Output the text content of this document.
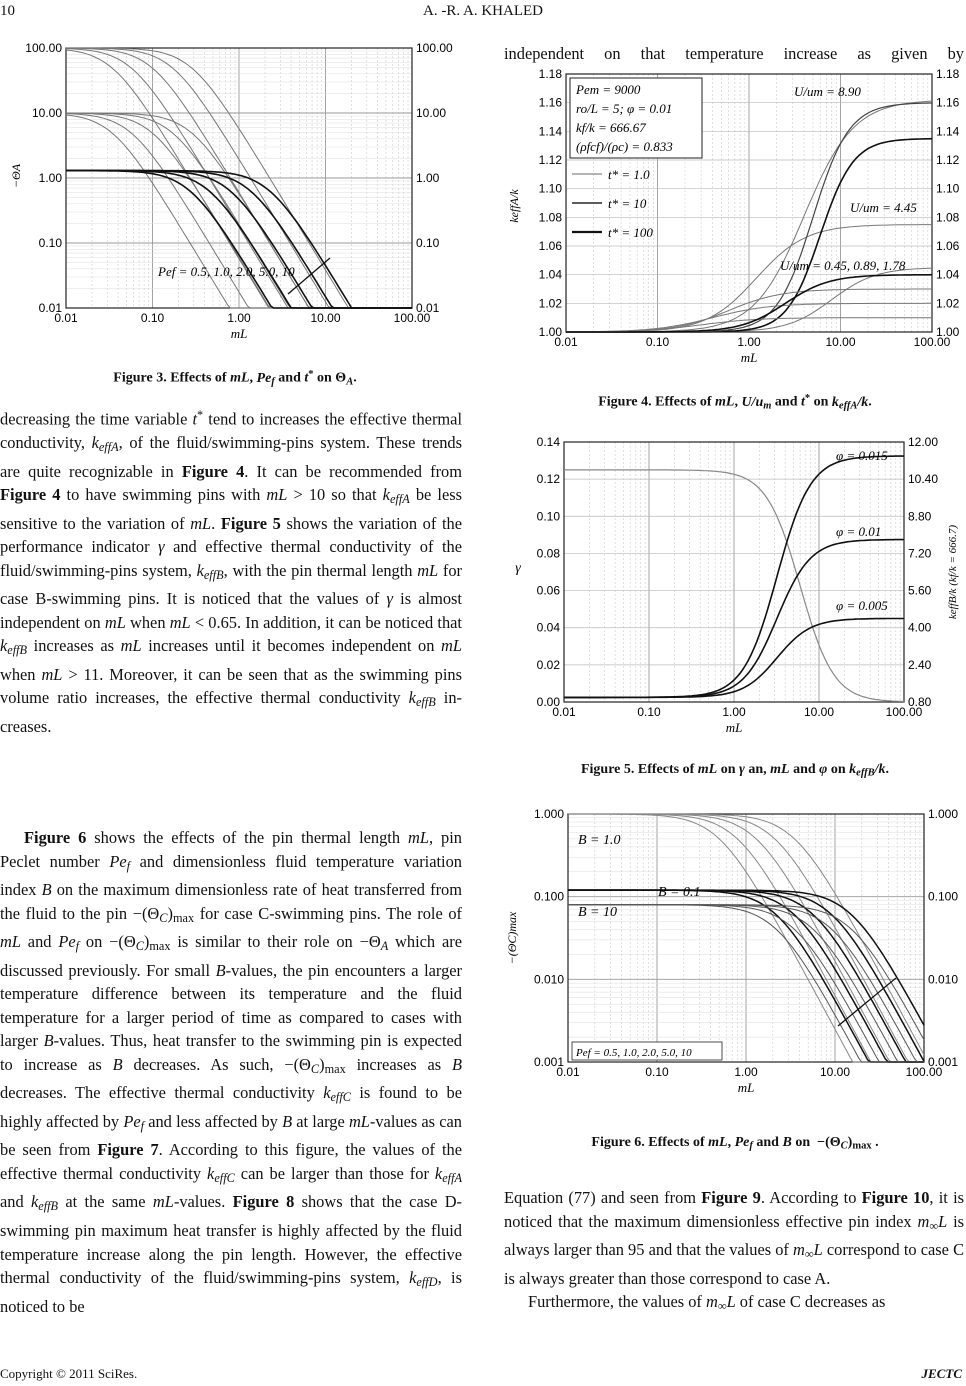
10	A. -R. A. KHALED
0.01	0.10	1.00	10.00	100.00
100.00
10.00
1.00
0.10
0.01
100.00
10.00
1.00
0.10
0.01
mL
−ΘA
Pef = 0.5, 1.0, 2.0, 5.0, 10
Figure 3. Effects of mL, $Pe_f$ and t* on $\Theta_A$.

decreasing the time variable t* tend to increases the effective thermal conductivity, $k_{effA}$, of the fluid/swimming-pins system. These trends are quite recognizable in Figure 4. It can be recommended from Figure 4 to have swimming pins with mL > 10 so that $k_{effA}$ be less sensitive to the variation of mL. Figure 5 shows the variation of the performance indicator γ and effective thermal conductivity of the fluid/swimming-pins system, $k_{effB}$, with the pin thermal length mL for case B-swimming pins. It is noticed that the values of γ is almost independent on mL when mL < 0.65. In addition, it can be noticed that $k_{effB}$ increases as mL increases until it becomes independent on mL when mL > 11. Moreover, it can be seen that as the swimming pins volume ratio increases, the effective thermal conductivity $k_{effB}$ increases.

Figure 6 shows the effects of the pin thermal length mL, pin Peclet number $Pe_f$ and dimensionless fluid temperature variation index B on the maximum dimensionless rate of heat transferred from the fluid to the pin $-(\Theta_C)_{max}$ for case C-swimming pins. The role of mL and $Pe_f$ on $-(\Theta_C)_{max}$ is similar to their role on $-\Theta_A$ which are discussed previously. For small B-values, the pin encounters a larger temperature difference between its temperature and the fluid temperature for a larger period of time as compared to cases with larger B-values. Thus, heat transfer to the swimming pin is expected to increase as B decreases. As such, $-(\Theta_C)_{max}$ increases as B decreases. The effective thermal conductivity $k_{effC}$ is found to be highly affected by $Pe_f$ and less affected by B at large mL-values as can be seen from Figure 7. According to this figure, the values of the effective thermal conductivity $k_{effC}$ can be larger than those for $k_{effA}$ and $k_{effB}$ at the same mL-values. Figure 8 shows that the case D-swimming pin maximum heat transfer is highly affected by the fluid temperature increase along the pin length. However, the effective thermal conductivity of the fluid/swimming-pins system, $k_{effD}$, is noticed to be

independent on that temperature increase as given by
0.01	0.10	1.00	10.00	100.00
1.18
1.16
1.14
1.12
1.10
1.08
1.06
1.04
1.02
1.00
1.18
1.16
1.14
1.12
1.10
1.08
1.06
1.04
1.02
1.00
mL
keffA/k
Pem = 9000
ro/L = 5; φ = 0.01
kf/k = 666.67
(ρfcf)/(ρc) = 0.833
t* = 1.0
t* = 10
t* = 100
U/um = 8.90
U/um = 4.45
U/um = 0.45, 0.89, 1.78
Figure 4. Effects of mL, $U/u_m$ and t* on $k_{effA}/k$.
0.01	0.10	1.00	10.00	100.00
0.14
0.12
0.10
0.08
0.06
0.04
0.02
0.00
12.00
10.40
8.80
7.20
5.60
4.00
2.40
0.80
mL
γ	keffB/k (kf/k = 666.7)
φ = 0.015
φ = 0.01
φ = 0.005
Figure 5. Effects of mL on γ an, mL and φ on $k_{effB}/k$.
0.01	0.10	1.00	10.00	100.00
1.000
0.100
0.010
0.001
1.000
0.100
0.010
0.001
mL
−(ΘC)max
B = 1.0
B = 0.1
B = 10
Pef = 0.5, 1.0, 2.0, 5.0, 10
Figure 6. Effects of mL, $Pe_f$ and B on  $-(\Theta_C)_{max}$ .

Equation (77) and seen from Figure 9. According to Figure 10, it is noticed that the maximum dimensionless effective pin index $m_\infty L$ is always larger than 95 and that the values of $m_\infty L$ correspond to case C is always greater than those correspond to case A.

Furthermore, the values of $m_\infty L$ of case C decreases as

Copyright © 2011 SciRes.	JECTC
